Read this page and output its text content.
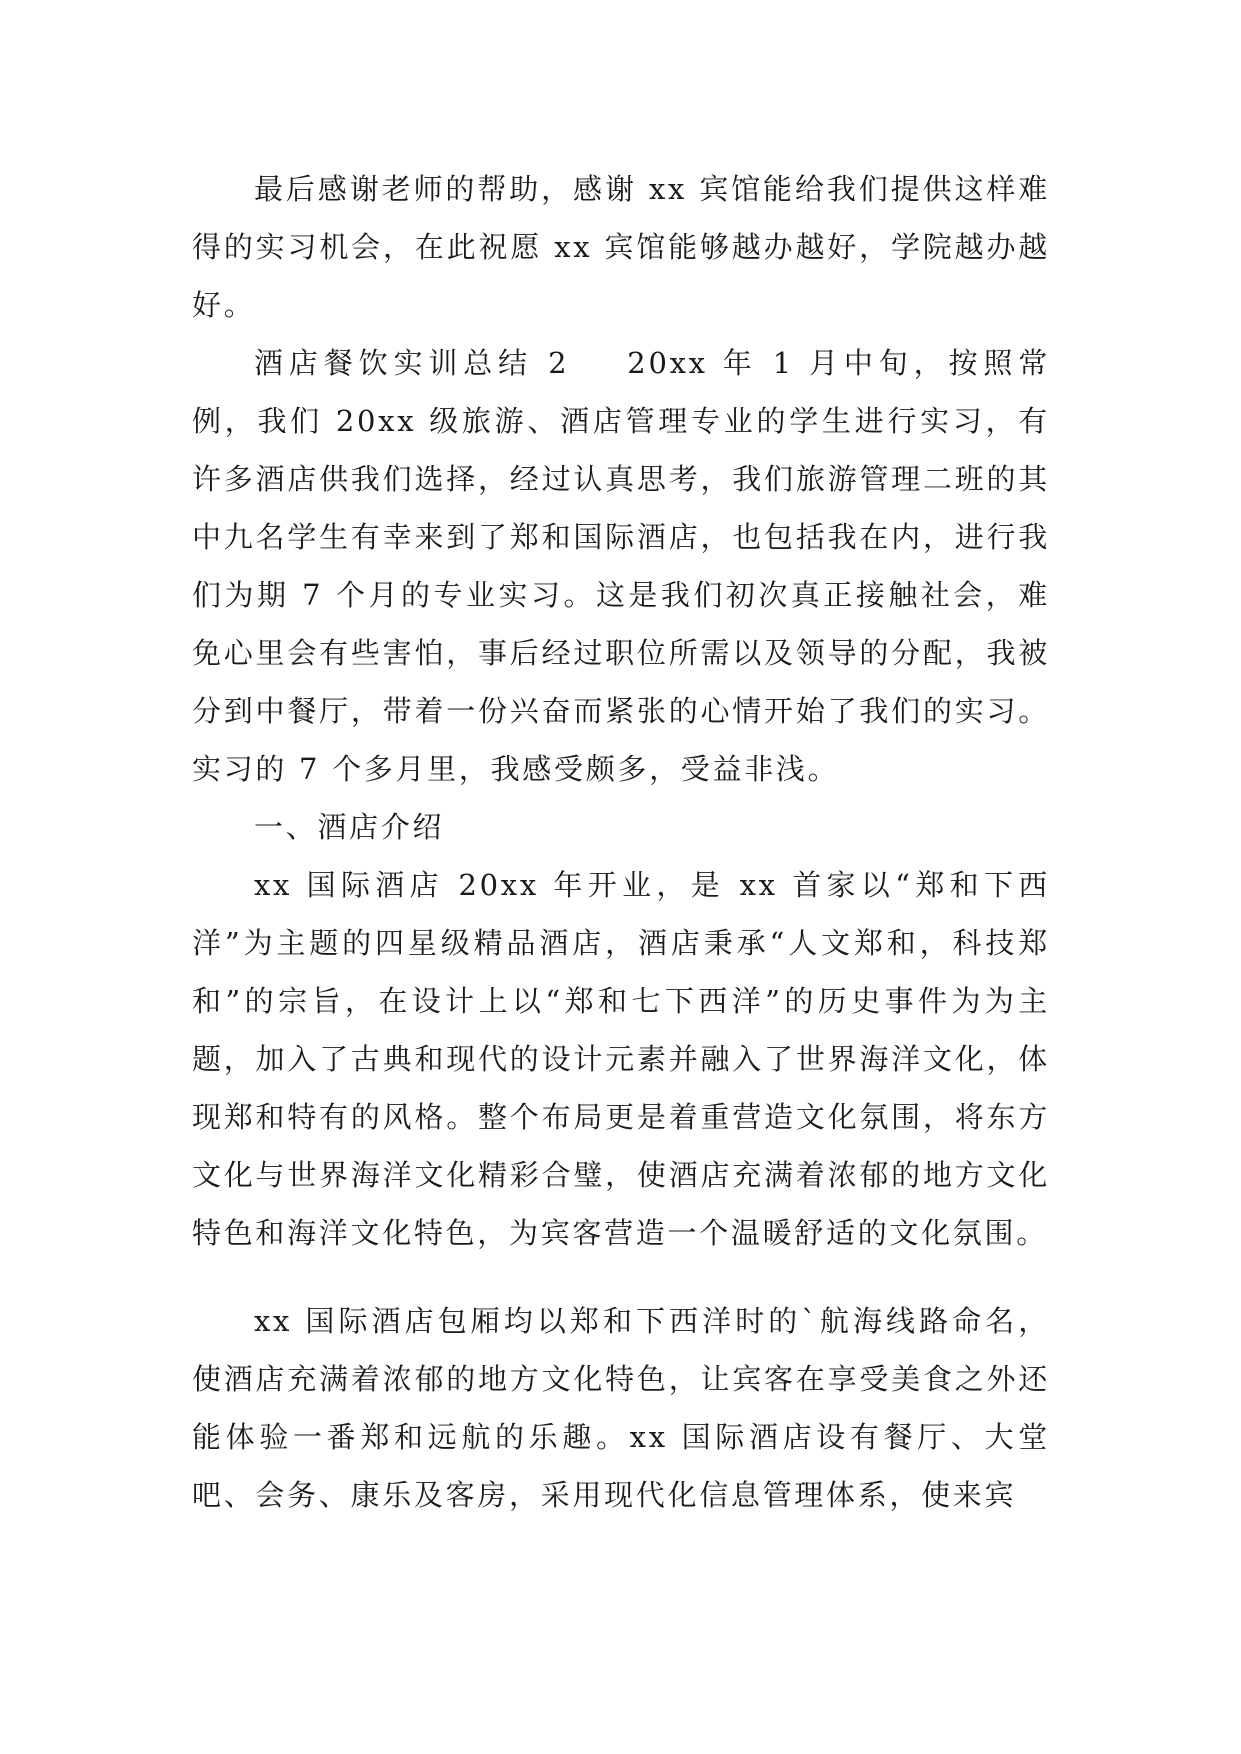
最后感谢老师的帮助，感谢 xx 宾馆能给我们提供这样难得的实习机会，在此祝愿 xx 宾馆能够越办越好，学院越办越好。

酒店餐饮实训总结 2 20xx 年 1 月中旬，按照常例，我们 20xx 级旅游、酒店管理专业的学生进行实习，有许多酒店供我们选择，经过认真思考，我们旅游管理二班的其中九名学生有幸来到了郑和国际酒店，也包括我在内，进行我们为期 7 个月的专业实习。这是我们初次真正接触社会，难免心里会有些害怕，事后经过职位所需以及领导的分配，我被分到中餐厅，带着一份兴奋而紧张的心情开始了我们的实习。实习的 7 个多月里，我感受颇多，受益非浅。

一、酒店介绍

xx 国际酒店 20xx 年开业，是 xx 首家以“郑和下西洋”为主题的四星级精品酒店，酒店秉承“人文郑和，科技郑和”的宗旨，在设计上以“郑和七下西洋”的历史事件为为主题，加入了古典和现代的设计元素并融入了世界海洋文化，体现郑和特有的风格。整个布局更是着重营造文化氛围，将东方文化与世界海洋文化精彩合璧，使酒店充满着浓郁的地方文化特色和海洋文化特色，为宾客营造一个温暖舒适的文化氛围。

xx 国际酒店包厢均以郑和下西洋时的`航海线路命名，使酒店充满着浓郁的地方文化特色，让宾客在享受美食之外还能体验一番郑和远航的乐趣。xx 国际酒店设有餐厅、大堂吧、会务、康乐及客房，采用现代化信息管理体系，使来宾
